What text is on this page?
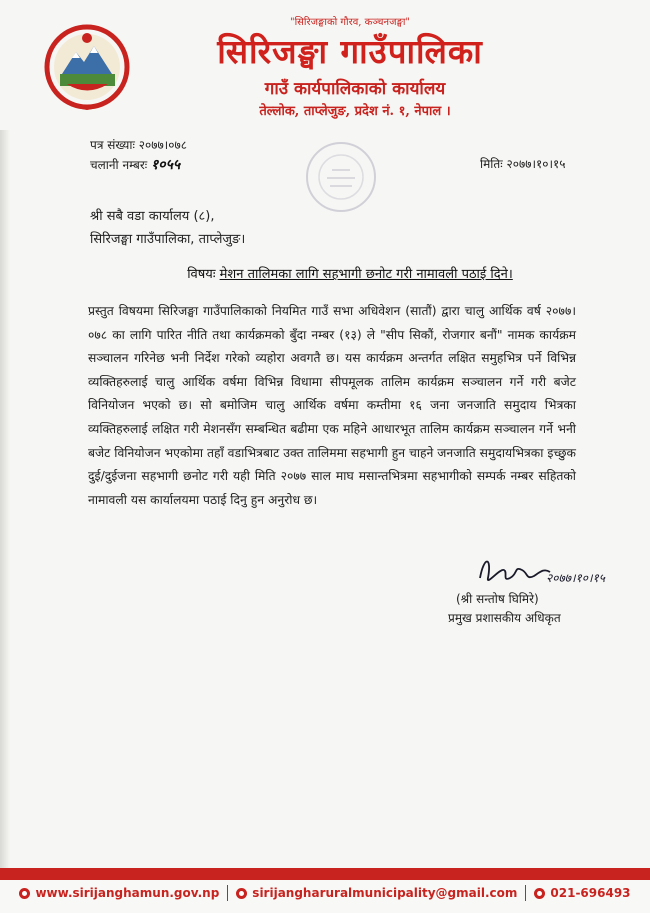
"सिरिजङ्घाको गौरव, कञ्चनजङ्घा"
सिरिजङ्घा गाउँपालिका
गाउँ कार्यपालिकाको कार्यालय
तेल्लोक, ताप्लेजुङ, प्रदेश नं. १, नेपाल ।
पत्र संख्याः २०७७।०७८
चलानी नम्बरः १०५५	मितिः २०७७।१०।१५
श्री सबै वडा कार्यालय (८),
सिरिजङ्घा गाउँपालिका, ताप्लेजुङ।
विषयः मेशन तालिमका लागि सहभागी छनोट गरी नामावली पठाई दिने।
प्रस्तुत विषयमा सिरिजङ्घा गाउँपालिकाको नियमित गाउँ सभा अधिवेशन (सातौं) द्वारा चालु आर्थिक वर्ष २०७७।०७८ का लागि पारित नीति तथा कार्यक्रमको बुँदा नम्बर (१३) ले "सीप सिकौं, रोजगार बनौं" नामक कार्यक्रम सञ्चालन गरिनेछ भनी निर्देश गरेको व्यहोरा अवगतै छ। यस कार्यक्रम अन्तर्गत लक्षित समुहभित्र पर्ने विभिन्न व्यक्तिहरुलाई चालु आर्थिक वर्षमा विभिन्न विधामा सीपमूलक तालिम कार्यक्रम सञ्चालन गर्ने गरी बजेट विनियोजन भएको छ। सो बमोजिम चालु आर्थिक वर्षमा कम्तीमा १६ जना जनजाति समुदाय भित्रका व्यक्तिहरुलाई लक्षित गरी मेशनसँग सम्बन्धित बढीमा एक महिने आधारभूत तालिम कार्यक्रम सञ्चालन गर्ने भनी बजेट विनियोजन भएकोमा तहाँ वडाभित्रबाट उक्त तालिममा सहभागी हुन चाहने जनजाति समुदायभित्रका इच्छुक दुई/दुईजना सहभागी छनोट गरी यही मिति २०७७ साल माघ मसान्तभित्रमा सहभागीको सम्पर्क नम्बर सहितको नामावली यस कार्यालयमा पठाई दिनु हुन अनुरोध छ।
२०७७।१०।१५
(श्री सन्तोष घिमिरे)
प्रमुख प्रशासकीय अधिकृत
www.sirijanghamun.gov.np	sirijangharuralmunicipality@gmail.com	021-696493
